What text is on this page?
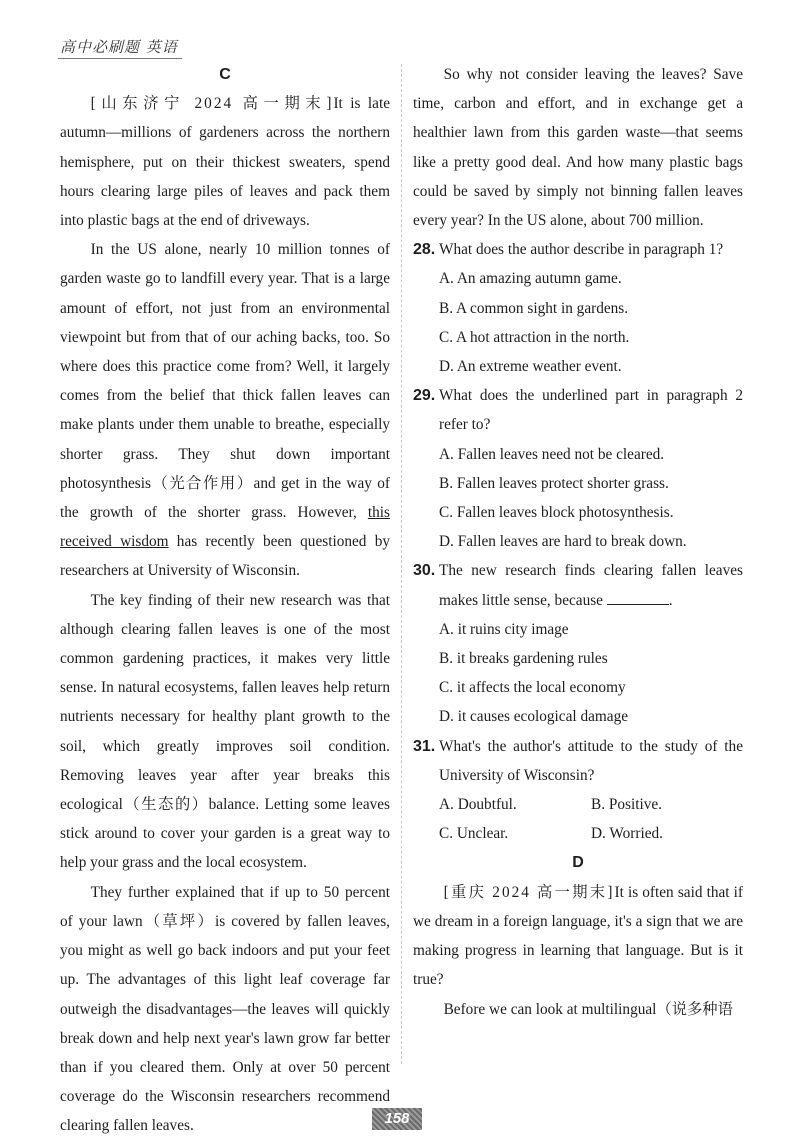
高中必刷题 英语

C

[山东济宁 2024 高一期末]It is late autumn—millions of gardeners across the northern hemisphere, put on their thickest sweaters, spend hours clearing large piles of leaves and pack them into plastic bags at the end of driveways.

In the US alone, nearly 10 million tonnes of garden waste go to landfill every year. That is a large amount of effort, not just from an environmental viewpoint but from that of our aching backs, too. So where does this practice come from? Well, it largely comes from the belief that thick fallen leaves can make plants under them unable to breathe, especially shorter grass. They shut down important photosynthesis（光合作用）and get in the way of the growth of the shorter grass. However, this received wisdom has recently been questioned by researchers at University of Wisconsin.

The key finding of their new research was that although clearing fallen leaves is one of the most common gardening practices, it makes very little sense. In natural ecosystems, fallen leaves help return nutrients necessary for healthy plant growth to the soil, which greatly improves soil condition. Removing leaves year after year breaks this ecological（生态的）balance. Letting some leaves stick around to cover your garden is a great way to help your grass and the local ecosystem.

They further explained that if up to 50 percent of your lawn（草坪）is covered by fallen leaves, you might as well go back indoors and put your feet up. The advantages of this light leaf coverage far outweigh the disadvantages—the leaves will quickly break down and help next year's lawn grow far better than if you cleared them. Only at over 50 percent coverage do the Wisconsin researchers recommend clearing fallen leaves.

So why not consider leaving the leaves? Save time, carbon and effort, and in exchange get a healthier lawn from this garden waste—that seems like a pretty good deal. And how many plastic bags could be saved by simply not binning fallen leaves every year? In the US alone, about 700 million.

28. What does the author describe in paragraph 1?
A. An amazing autumn game.
B. A common sight in gardens.
C. A hot attraction in the north.
D. An extreme weather event.
29. What does the underlined part in paragraph 2 refer to?
A. Fallen leaves need not be cleared.
B. Fallen leaves protect shorter grass.
C. Fallen leaves block photosynthesis.
D. Fallen leaves are hard to break down.
30. The new research finds clearing fallen leaves makes little sense, because	.
A. it ruins city image
B. it breaks gardening rules
C. it affects the local economy
D. it causes ecological damage
31. What's the author's attitude to the study of the University of Wisconsin?
A. Doubtful.	B. Positive.
C. Unclear.	D. Worried.

D

[重庆 2024 高一期末]It is often said that if we dream in a foreign language, it's a sign that we are making progress in learning that language. But is it true?

Before we can look at multilingual（说多种语

158
